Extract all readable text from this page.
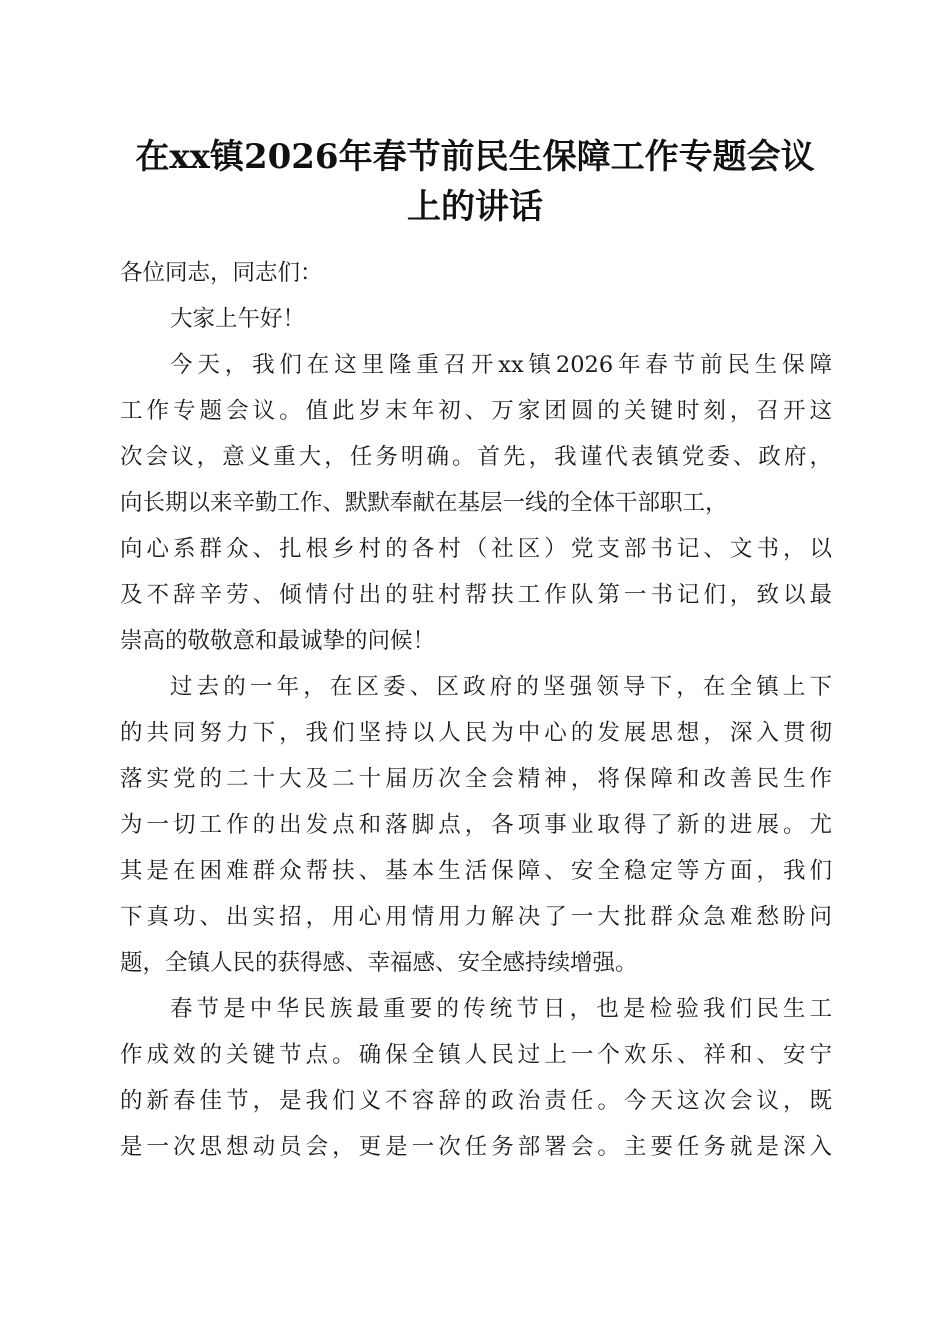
在xx镇2026年春节前民生保障工作专题会议
上的讲话
各位同志，同志们：
大家上午好！
今天，我们在这里隆重召开xx镇2026年春节前民生保障
工作专题会议。值此岁末年初、万家团圆的关键时刻，召开这
次会议，意义重大，任务明确。首先，我谨代表镇党委、政府，
向长期以来辛勤工作、默默奉献在基层一线的全体干部职工，
向心系群众、扎根乡村的各村（社区）党支部书记、文书，以
及不辞辛劳、倾情付出的驻村帮扶工作队第一书记们，致以最
崇高的敬敬意和最诚挚的问候！
过去的一年，在区委、区政府的坚强领导下，在全镇上下
的共同努力下，我们坚持以人民为中心的发展思想，深入贯彻
落实党的二十大及二十届历次全会精神，将保障和改善民生作
为一切工作的出发点和落脚点，各项事业取得了新的进展。尤
其是在困难群众帮扶、基本生活保障、安全稳定等方面，我们
下真功、出实招，用心用情用力解决了一大批群众急难愁盼问
题，全镇人民的获得感、幸福感、安全感持续增强。
春节是中华民族最重要的传统节日，也是检验我们民生工
作成效的关键节点。确保全镇人民过上一个欢乐、祥和、安宁
的新春佳节，是我们义不容辞的政治责任。今天这次会议，既
是一次思想动员会，更是一次任务部署会。主要任务就是深入
